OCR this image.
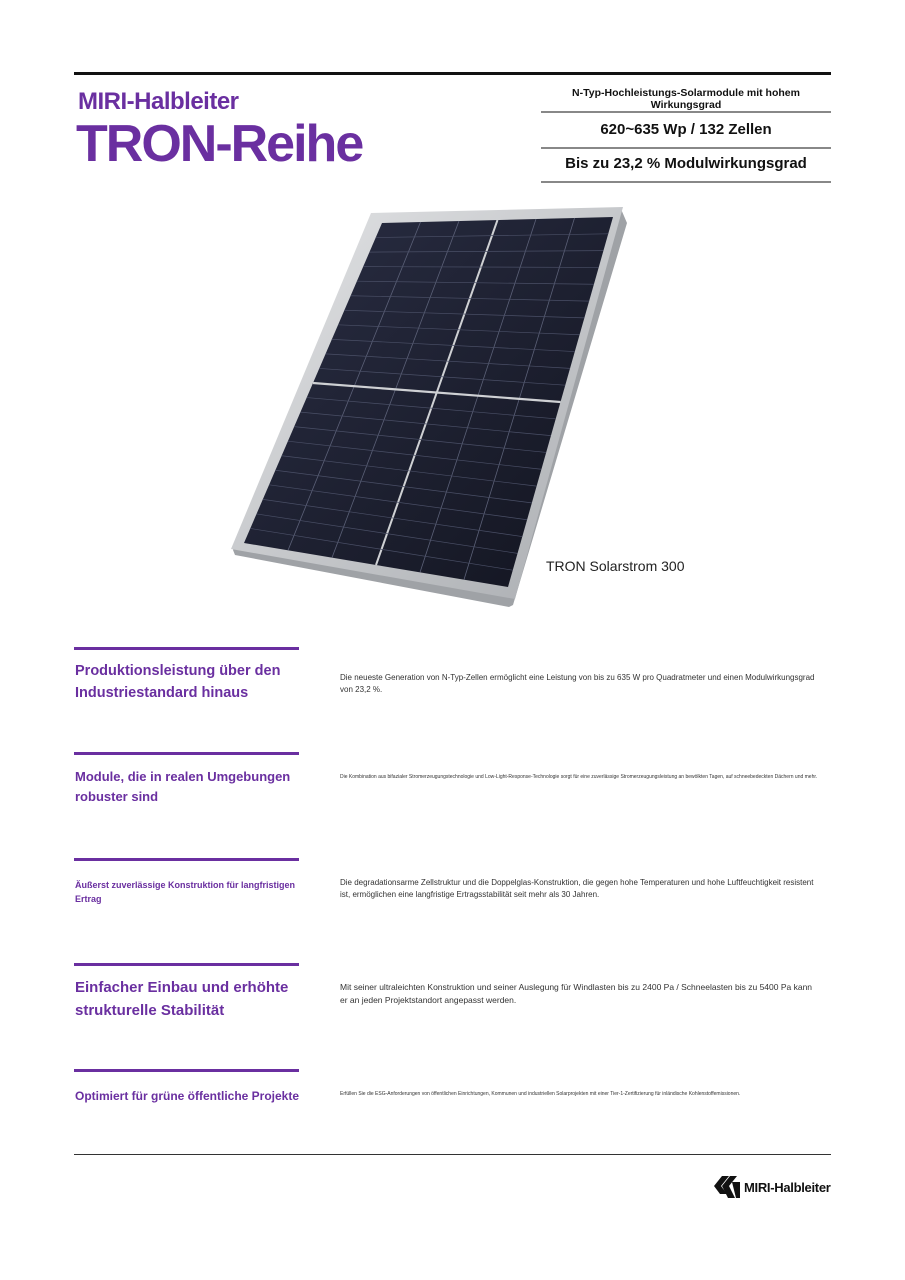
MIRI-Halbleiter
TRON-Reihe
N-Typ-Hochleistungs-Solarmodule mit hohem Wirkungsgrad
620~635 Wp / 132 Zellen
Bis zu 23,2 % Modulwirkungsgrad
TRON Solarstrom 300
Produktionsleistung über den Industriestandard hinaus
Die neueste Generation von N-Typ-Zellen ermöglicht eine Leistung von bis zu 635 W pro Quadratmeter und einen Modulwirkungsgrad von 23,2 %.
Module, die in realen Umgebungen robuster sind
Die Kombination aus bifazialer Stromerzeugungstechnologie und Low-Light-Response-Technologie sorgt für eine zuverlässige Stromerzeugungsleistung an bewölkten Tagen, auf schneebedeckten Dächern und mehr.
Äußerst zuverlässige Konstruktion für langfristigen Ertrag
Die degradationsarme Zellstruktur und die Doppelglas-Konstruktion, die gegen hohe Temperaturen und hohe Luftfeuchtigkeit resistent ist, ermöglichen eine langfristige Ertragsstabilität seit mehr als 30 Jahren.
Einfacher Einbau und erhöhte strukturelle Stabilität
Mit seiner ultraleichten Konstruktion und seiner Auslegung für Windlasten bis zu 2400 Pa / Schneelasten bis zu 5400 Pa kann er an jeden Projektstandort angepasst werden.
Optimiert für grüne öffentliche Projekte	Erfüllen Sie die ESG-Anforderungen von öffentlichen Einrichtungen, Kommunen und industriellen Solarprojekten mit einer Tier-1-Zertifizierung für inländische Kohlenstoffemissionen.
MIRI-Halbleiter
